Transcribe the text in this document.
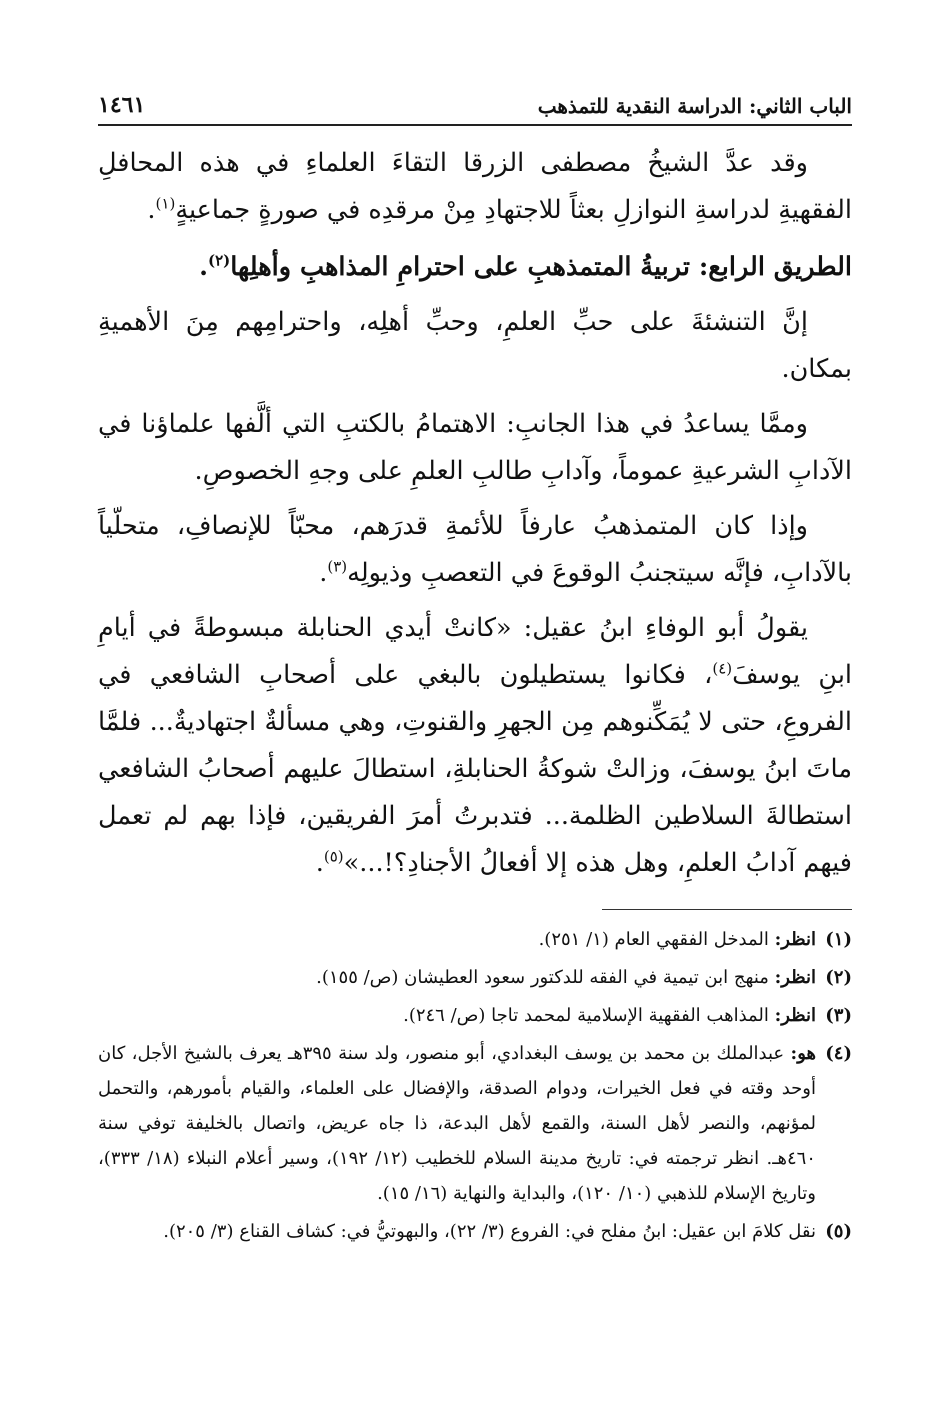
الباب الثاني: الدراسة النقدية للتمذهب
١٤٦١

وقد عدَّ الشيخُ مصطفى الزرقا التقاءَ العلماءِ في هذه المحافلِ الفقهيةِ لدراسةِ النوازلِ بعثاً للاجتهادِ مِنْ مرقدِه في صورةٍ جماعيةٍ$^{(١)}$.

الطريق الرابع: تربيةُ المتمذهبِ على احترامِ المذاهبِ وأهلِها$^{(٢)}$.

إنَّ التنشئةَ على حبِّ العلمِ، وحبِّ أهلِه، واحترامِهم مِنَ الأهميةِ بمكان.

وممَّا يساعدُ في هذا الجانبِ: الاهتمامُ بالكتبِ التي ألَّفها علماؤنا في الآدابِ الشرعيةِ عموماً، وآدابِ طالبِ العلمِ على وجهِ الخصوصِ.

وإذا كان المتمذهبُ عارفاً للأئمةِ قدرَهم، محبّاً للإنصافِ، متحلّياً بالآدابِ، فإنَّه سيتجنبُ الوقوعَ في التعصبِ وذيولِه$^{(٣)}$.

يقولُ أبو الوفاءِ ابنُ عقيل: «كانتْ أيدي الحنابلة مبسوطةً في أيامِ ابنِ يوسفَ$^{(٤)}$، فكانوا يستطيلون بالبغي على أصحابِ الشافعي في الفروعِ، حتى لا يُمَكِّنوهم مِن الجهرِ والقنوتِ، وهي مسألةٌ اجتهاديةٌ... فلمَّا ماتَ ابنُ يوسفَ، وزالتْ شوكةُ الحنابلةِ، استطالَ عليهم أصحابُ الشافعي استطالةَ السلاطين الظلمة... فتدبرتُ أمرَ الفريقين، فإذا بهم لم تعمل فيهم آدابُ العلمِ، وهل هذه إلا أفعالُ الأجنادِ؟!...»$^{(٥)}$.

(١)
انظر: المدخل الفقهي العام (١/ ٢٥١).
(٢)
انظر: منهج ابن تيمية في الفقه للدكتور سعود العطيشان (ص/ ١٥٥).
(٣)
انظر: المذاهب الفقهية الإسلامية لمحمد تاجا (ص/ ٢٤٦).
(٤)
هو: عبدالملك بن محمد بن يوسف البغدادي، أبو منصور، ولد سنة ٣٩٥هـ يعرف بالشيخ الأجل، كان أوحد وقته في فعل الخيرات، ودوام الصدقة، والإفضال على العلماء، والقيام بأمورهم، والتحمل لمؤنهم، والنصر لأهل السنة، والقمع لأهل البدعة، ذا جاه عريض، واتصال بالخليفة توفي سنة ٤٦٠هـ. انظر ترجمته في: تاريخ مدينة السلام للخطيب (١٢/ ١٩٢)، وسير أعلام النبلاء (١٨/ ٣٣٣)، وتاريخ الإسلام للذهبي (١٠/ ١٢٠)، والبداية والنهاية (١٦/ ١٥).
(٥)
نقل كلامَ ابن عقيل: ابنُ مفلح في: الفروع (٣/ ٢٢)، والبهوتيُّ في: كشاف القناع (٣/ ٢٠٥).
